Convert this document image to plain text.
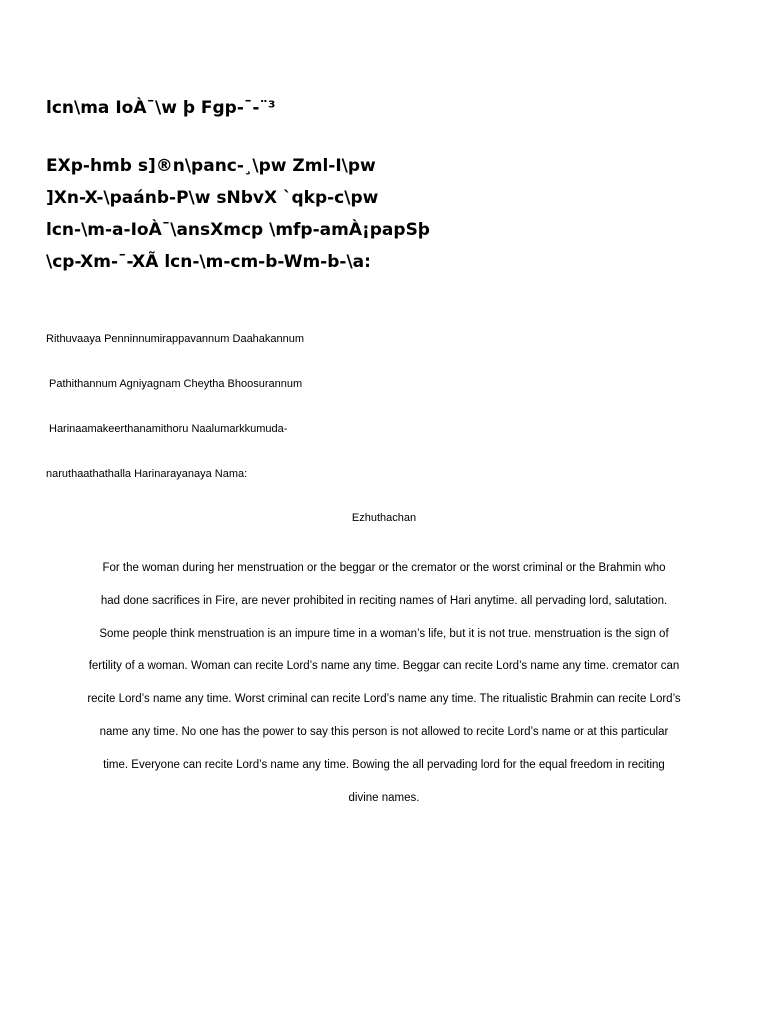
lcn\ma IoÀ¯\w þ Fgp-¯-¨³
EXp-hmb s]®n\panc-¸\pw Zml-I\pw
]Xn-X-\paánb-P\w sNbvX `qkp-c\pw
lcn-\m-a-IoÀ¯\ansXmcp \mfp-amÀ¡papSþ
\cp-Xm-¯-XÃ lcn-\m-cm-b-Wm-b-\a:

Rithuvaaya Penninnumirappavannum Daahakannum

Pathithannum Agniyagnam Cheytha Bhoosurannum

Harinaamakeerthanamithoru Naalumarkkumuda-

naruthaathathalla Harinarayanaya Nama:

Ezhuthachan

For the woman during her menstruation or the beggar or the cremator or the worst criminal or the Brahmin who
had done sacrifices in Fire, are never prohibited in reciting names of Hari anytime. all pervading lord, salutation.
Some people think menstruation is an impure time in a woman’s life, but it is not true. menstruation is the sign of
fertility of a woman. Woman can recite Lord’s name any time. Beggar can recite Lord’s name any time. cremator can
recite Lord’s name any time. Worst criminal can recite Lord’s name any time. The ritualistic Brahmin can recite Lord’s
name any time. No one has the power to say this person is not allowed to recite Lord’s name or at this particular
time. Everyone can recite Lord’s name any time. Bowing the all pervading lord for the equal freedom in reciting
divine names.
